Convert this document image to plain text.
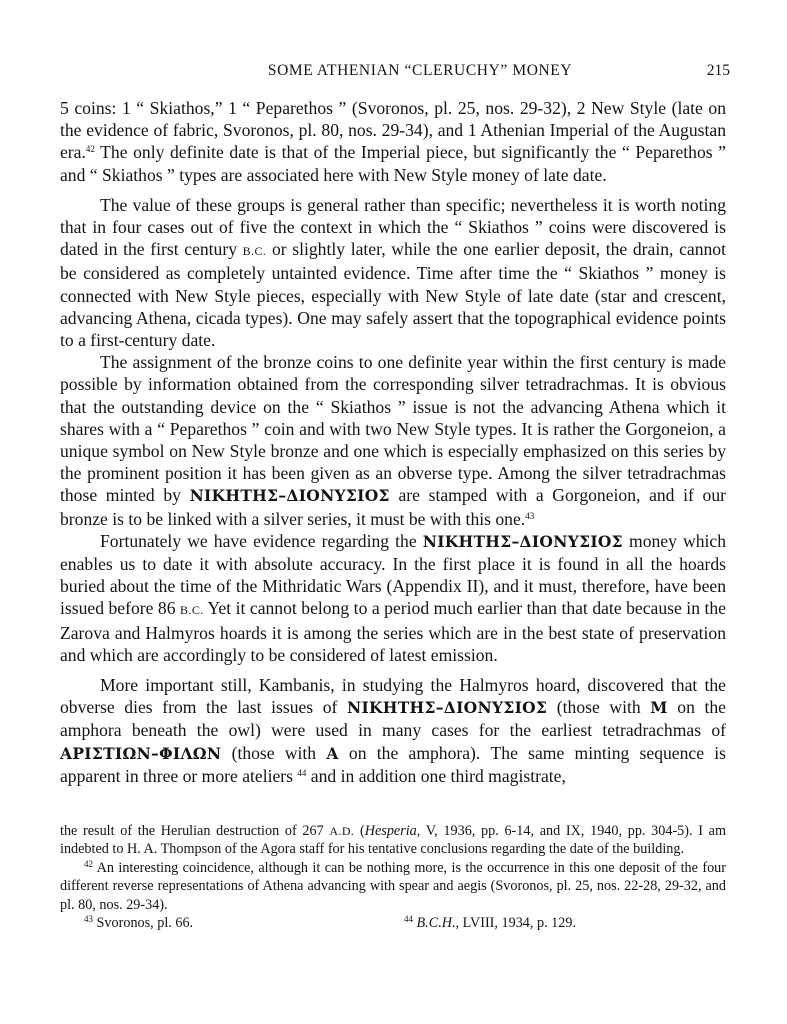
SOME ATHENIAN “CLERUCHY” MONEY	215

5 coins: 1 “ Skiathos,” 1 “ Peparethos ” (Svoronos, pl. 25, nos. 29-32), 2 New Style (late on the evidence of fabric, Svoronos, pl. 80, nos. 29-34), and 1 Athenian Imperial of the Augustan era.$^{42}$ The only definite date is that of the Imperial piece, but significantly the “ Peparethos ” and “ Skiathos ” types are associated here with New Style money of late date.

The value of these groups is general rather than specific; nevertheless it is worth noting that in four cases out of five the context in which the “ Skiathos ” coins were discovered is dated in the first century B.C. or slightly later, while the one earlier deposit, the drain, cannot be considered as completely untainted evidence. Time after time the “ Skiathos ” money is connected with New Style pieces, especially with New Style of late date (star and crescent, advancing Athena, cicada types). One may safely assert that the topographical evidence points to a first-century date.

The assignment of the bronze coins to one definite year within the first century is made possible by information obtained from the corresponding silver tetradrachmas. It is obvious that the outstanding device on the “ Skiathos ” issue is not the advancing Athena which it shares with a “ Peparethos ” coin and with two New Style types. It is rather the Gorgoneion, a unique symbol on New Style bronze and one which is especially emphasized on this series by the prominent position it has been given as an obverse type. Among the silver tetradrachmas those minted by ΝΙΚΗΤΗΣ–ΔΙΟΝΥΣΙΟΣ are stamped with a Gorgoneion, and if our bronze is to be linked with a silver series, it must be with this one.$^{43}$

Fortunately we have evidence regarding the ΝΙΚΗΤΗΣ–ΔΙΟΝΥΣΙΟΣ money which enables us to date it with absolute accuracy. In the first place it is found in all the hoards buried about the time of the Mithridatic Wars (Appendix II), and it must, therefore, have been issued before 86 B.C. Yet it cannot belong to a period much earlier than that date because in the Zarova and Halmyros hoards it is among the series which are in the best state of preservation and which are accordingly to be considered of latest emission.

More important still, Kambanis, in studying the Halmyros hoard, discovered that the obverse dies from the last issues of ΝΙΚΗΤΗΣ–ΔΙΟΝΥΣΙΟΣ (those with M on the amphora beneath the owl) were used in many cases for the earliest tetradrachmas of ΑΡΙΣΤΙΩΝ–ΦΙΛΩΝ (those with A on the amphora). The same minting sequence is apparent in three or more ateliers $^{44}$ and in addition one third magistrate,

the result of the Herulian destruction of 267 A.D. (Hesperia, V, 1936, pp. 6-14, and IX, 1940, pp. 304-5). I am indebted to H. A. Thompson of the Agora staff for his tentative conclusions regarding the date of the building.

$^{42}$ An interesting coincidence, although it can be nothing more, is the occurrence in this one deposit of the four different reverse representations of Athena advancing with spear and aegis (Svoronos, pl. 25, nos. 22-28, 29-32, and pl. 80, nos. 29-34).

$^{43}$ Svoronos, pl. 66.	$^{44}$ B.C.H., LVIII, 1934, p. 129.
